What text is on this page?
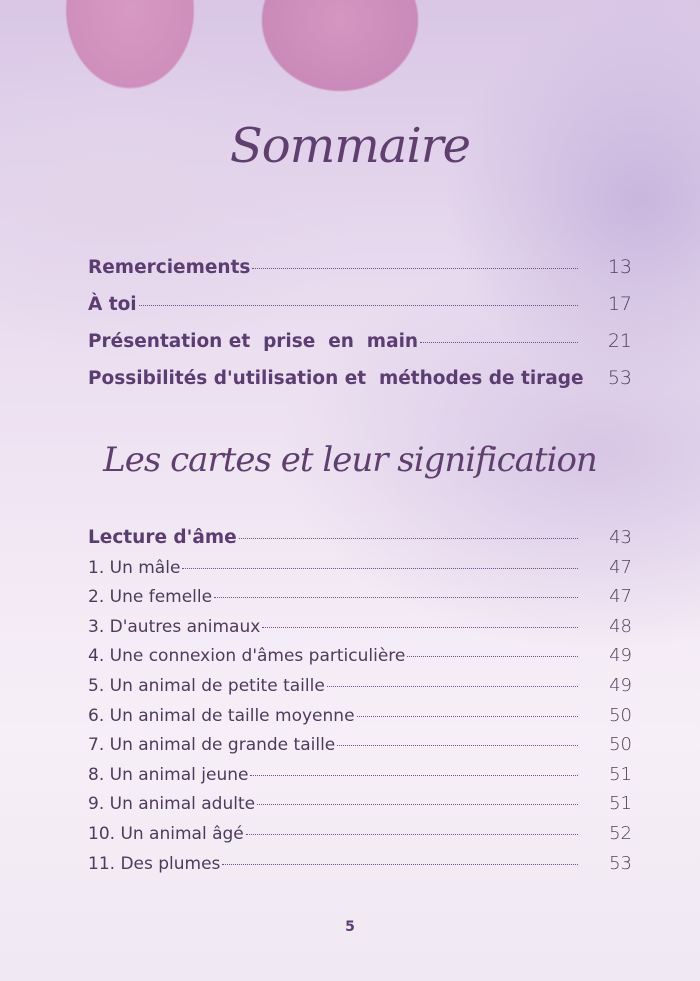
Sommaire
Remerciements	13
À toi	17
Présentation et  prise  en  main	21
Possibilités d'utilisation et  méthodes de tirage	53
Les cartes et leur signification
Lecture d'âme	43
1. Un mâle	47
2. Une femelle	47
3. D'autres animaux	48
4. Une connexion d'âmes particulière	49
5. Un animal de petite taille	49
6. Un animal de taille moyenne	50
7. Un animal de grande taille	50
8. Un animal jeune	51
9. Un animal adulte	51
10. Un animal âgé	52
11. Des plumes	53
5
